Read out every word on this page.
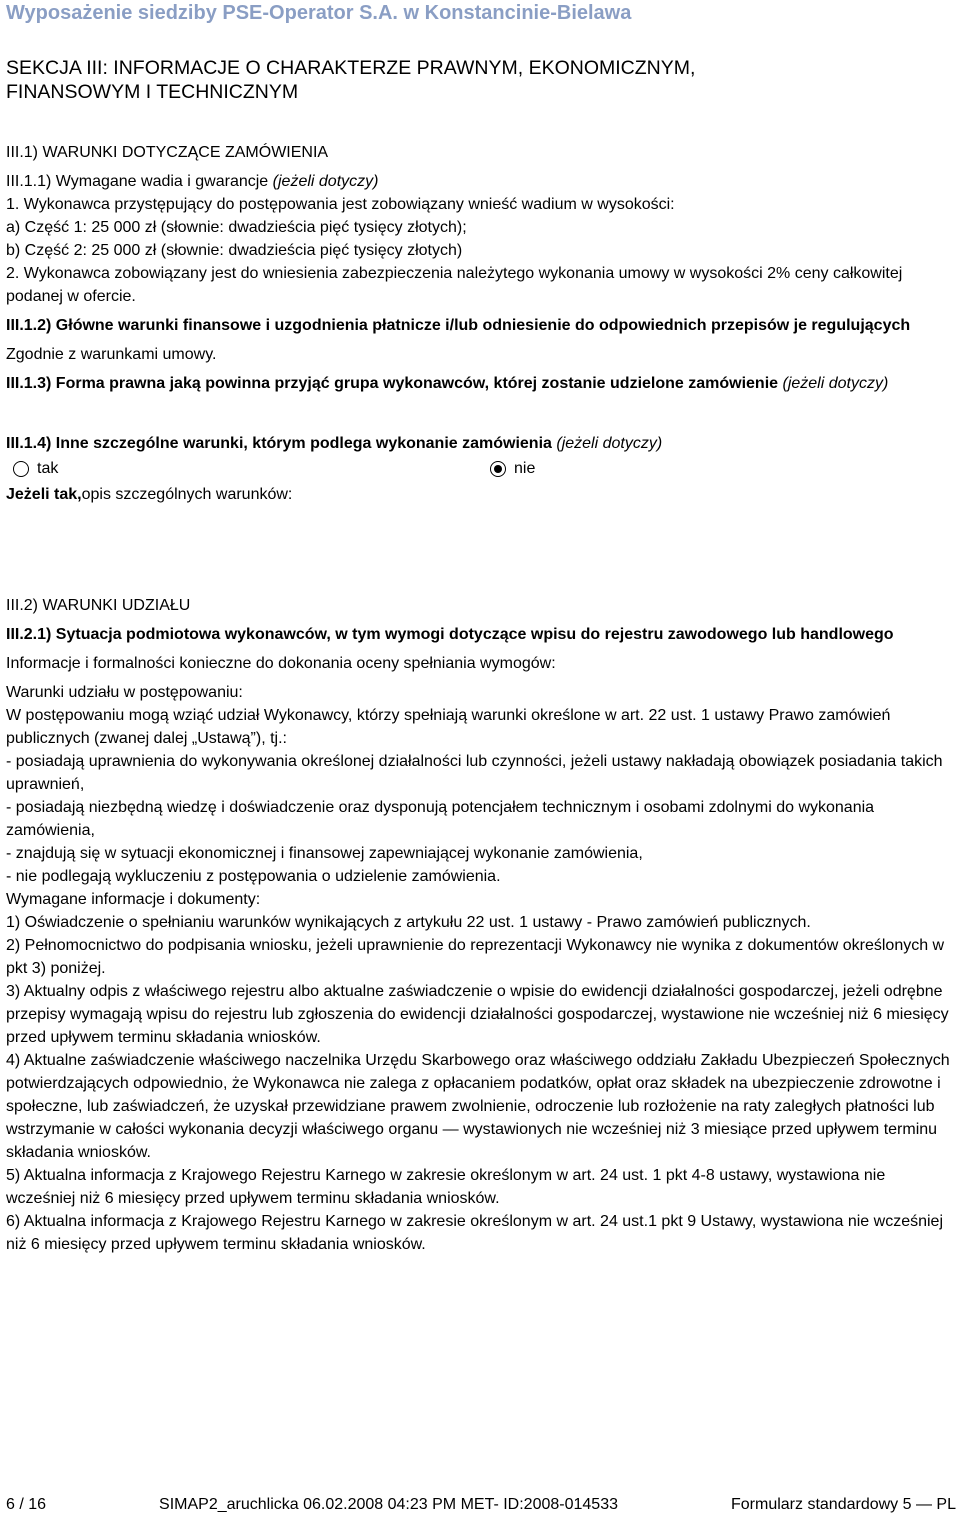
Wyposażenie siedziby PSE-Operator S.A. w Konstancinie-Bielawa
SEKCJA III: INFORMACJE O CHARAKTERZE PRAWNYM, EKONOMICZNYM,
FINANSOWYM I TECHNICZNYM

III.1) WARUNKI DOTYCZĄCE ZAMÓWIENIA

III.1.1) Wymagane wadia i gwarancje (jeżeli dotyczy)

1. Wykonawca przystępujący do postępowania jest zobowiązany wnieść wadium w wysokości:

a) Część 1: 25 000 zł (słownie: dwadzieścia pięć tysięcy złotych);

b) Część 2: 25 000 zł (słownie: dwadzieścia pięć tysięcy złotych)

2. Wykonawca zobowiązany jest do wniesienia zabezpieczenia należytego wykonania umowy w wysokości 2% ceny całkowitej podanej w ofercie.

III.1.2) Główne warunki finansowe i uzgodnienia płatnicze i/lub odniesienie do odpowiednich przepisów je regulujących

Zgodnie z warunkami umowy.

III.1.3) Forma prawna jaką powinna przyjąć grupa wykonawców, której zostanie udzielone zamówienie (jeżeli dotyczy)

III.1.4) Inne szczególne warunki, którym podlega wykonanie zamówienia (jeżeli dotyczy)

tak	nie

Jeżeli tak,opis szczególnych warunków:

III.2) WARUNKI UDZIAŁU

III.2.1) Sytuacja podmiotowa wykonawców, w tym wymogi dotyczące wpisu do rejestru zawodowego lub handlowego

Informacje i formalności konieczne do dokonania oceny spełniania wymogów:

Warunki udziału w postępowaniu:

W postępowaniu mogą wziąć udział Wykonawcy, którzy spełniają warunki określone w art. 22 ust. 1 ustawy Prawo zamówień publicznych (zwanej dalej „Ustawą”), tj.:

- posiadają uprawnienia do wykonywania określonej działalności lub czynności, jeżeli ustawy nakładają obowiązek posiadania takich uprawnień,

- posiadają niezbędną wiedzę i doświadczenie oraz dysponują potencjałem technicznym i osobami zdolnymi do wykonania zamówienia,

- znajdują się w sytuacji ekonomicznej i finansowej zapewniającej wykonanie zamówienia,

- nie podlegają wykluczeniu z postępowania o udzielenie zamówienia.

Wymagane informacje i dokumenty:

1) Oświadczenie o spełnianiu warunków wynikających z artykułu 22 ust. 1 ustawy - Prawo zamówień publicznych.

2) Pełnomocnictwo do podpisania wniosku, jeżeli uprawnienie do reprezentacji Wykonawcy nie wynika z dokumentów określonych w pkt 3) poniżej.

3) Aktualny odpis z właściwego rejestru albo aktualne zaświadczenie o wpisie do ewidencji działalności gospodarczej, jeżeli odrębne przepisy wymagają wpisu do rejestru lub zgłoszenia do ewidencji działalności gospodarczej, wystawione nie wcześniej niż 6 miesięcy przed upływem terminu składania wniosków.

4) Aktualne zaświadczenie właściwego naczelnika Urzędu Skarbowego oraz właściwego oddziału Zakładu Ubezpieczeń Społecznych potwierdzających odpowiednio, że Wykonawca nie zalega z opłacaniem podatków, opłat oraz składek na ubezpieczenie zdrowotne i społeczne, lub zaświadczeń, że uzyskał przewidziane prawem zwolnienie, odroczenie lub rozłożenie na raty zaległych płatności lub wstrzymanie w całości wykonania decyzji właściwego organu — wystawionych nie wcześniej niż 3 miesiące przed upływem terminu składania wniosków.

5) Aktualna informacja z Krajowego Rejestru Karnego w zakresie określonym w art. 24 ust. 1 pkt 4-8 ustawy, wystawiona nie wcześniej niż 6 miesięcy przed upływem terminu składania wniosków.

6) Aktualna informacja z Krajowego Rejestru Karnego w zakresie określonym w art. 24 ust.1 pkt 9 Ustawy, wystawiona nie wcześniej niż 6 miesięcy przed upływem terminu składania wniosków.

6 / 16	SIMAP2_aruchlicka 06.02.2008 04:23 PM MET- ID:2008-014533	Formularz standardowy 5 — PL
